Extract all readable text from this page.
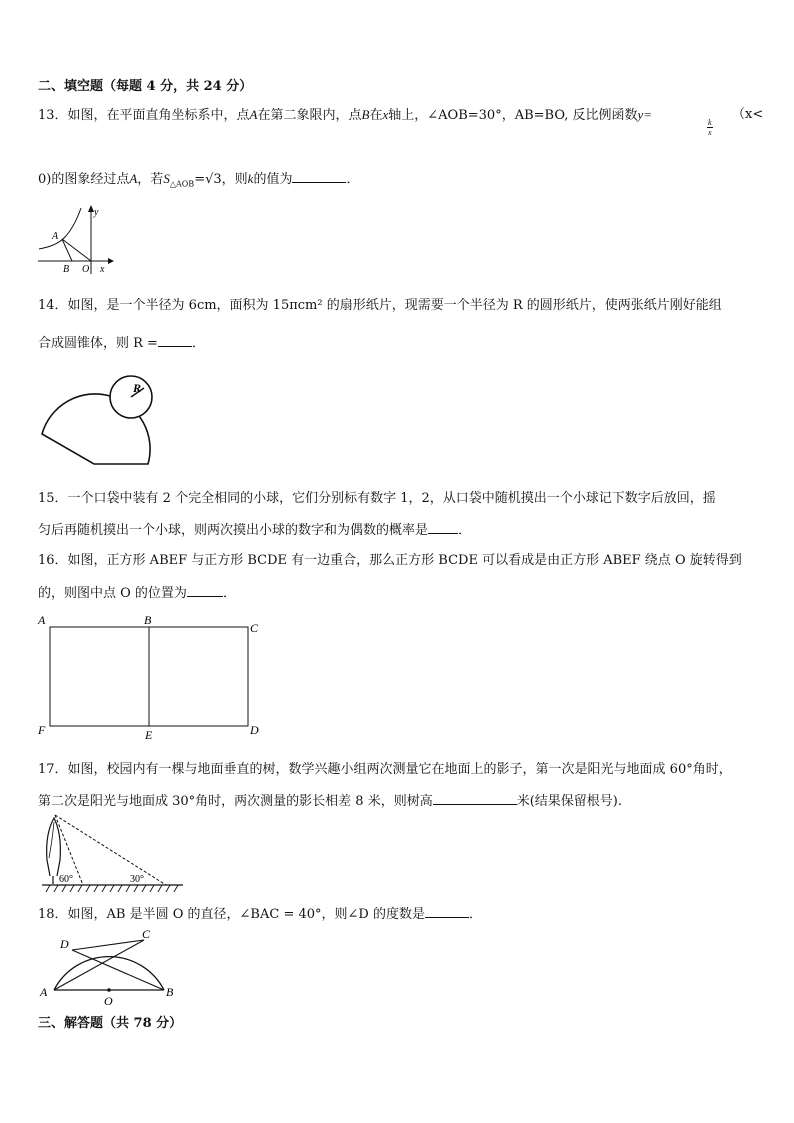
二、填空题（每题 4 分，共 24 分）
13．如图，在平面直角坐标系中，点A在第二象限内，点B在x轴上，∠AOB=30°，AB=BO, 反比例函数y=
$\frac{k}{x}$
（x<
0)的图象经过点A，若$S_{\triangle AOB}=√3$，则k的值为	．
y
A
B O x
14．如图，是一个半径为 6cm，面积为 15πcm² 的扇形纸片，现需要一个半径为 R 的圆形纸片，使两张纸片刚好能组
合成圆锥体，则 R =	．
R
15．一个口袋中装有 2 个完全相同的小球，它们分别标有数字 1，2，从口袋中随机摸出一个小球记下数字后放回，摇
匀后再随机摸出一个小球，则两次摸出小球的数字和为偶数的概率是 ．
16．如图，正方形 ABEF 与正方形 BCDE 有一边重合，那么正方形 BCDE 可以看成是由正方形 ABEF 绕点 O 旋转得到
的，则图中点 O 的位置为	．
A	B
C
F	E	D
17．如图，校园内有一棵与地面垂直的树，数学兴趣小组两次测量它在地面上的影子，第一次是阳光与地面成 60°角时，
第二次是阳光与地面成 30°角时，两次测量的影长相差 8 米，则树高	米(结果保留根号).
60°	30°
18．如图，AB 是半圆 O 的直径，∠BAC = 40°，则∠D 的度数是	．
D
C
A
O
B
三、解答题（共 78 分）
